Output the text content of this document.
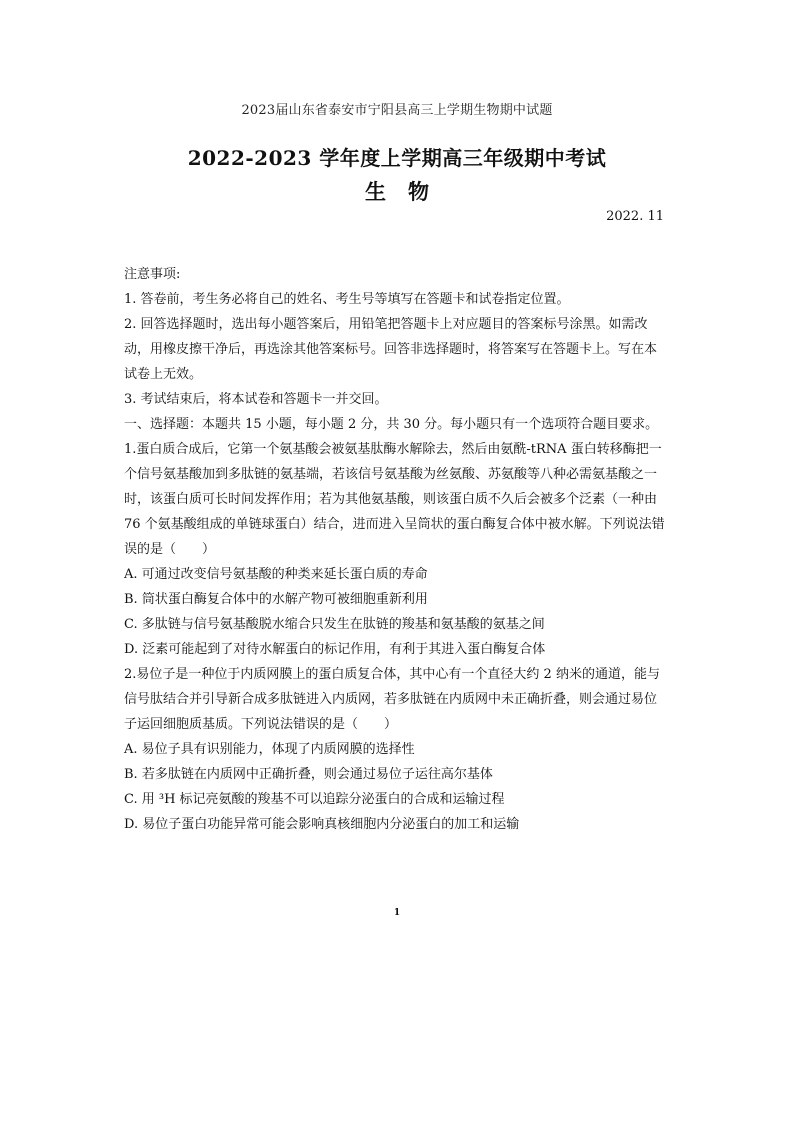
2023届山东省泰安市宁阳县高三上学期生物期中试题
2022-2023 学年度上学期高三年级期中考试
生物
2022. 11

注意事项:

1. 答卷前，考生务必将自己的姓名、考生号等填写在答题卡和试卷指定位置。

2. 回答选择题时，选出每小题答案后，用铅笔把答题卡上对应题目的答案标号涂黑。如需改动，用橡皮擦干净后，再选涂其他答案标号。回答非选择题时，将答案写在答题卡上。写在本试卷上无效。

3. 考试结束后，将本试卷和答题卡一并交回。

一、选择题：本题共 15 小题，每小题 2 分，共 30 分。每小题只有一个选项符合题目要求。

1.蛋白质合成后，它第一个氨基酸会被氨基肽酶水解除去，然后由氨酰-tRNA 蛋白转移酶把一个信号氨基酸加到多肽链的氨基端，若该信号氨基酸为丝氨酸、苏氨酸等八种必需氨基酸之一时，该蛋白质可长时间发挥作用；若为其他氨基酸，则该蛋白质不久后会被多个泛素（一种由 76 个氨基酸组成的单链球蛋白）结合，进而进入呈筒状的蛋白酶复合体中被水解。下列说法错误的是（　　）

A. 可通过改变信号氨基酸的种类来延长蛋白质的寿命

B. 筒状蛋白酶复合体中的水解产物可被细胞重新利用

C. 多肽链与信号氨基酸脱水缩合只发生在肽链的羧基和氨基酸的氨基之间

D. 泛素可能起到了对待水解蛋白的标记作用，有利于其进入蛋白酶复合体

2.易位子是一种位于内质网膜上的蛋白质复合体，其中心有一个直径大约 2 纳米的通道，能与信号肽结合并引导新合成多肽链进入内质网，若多肽链在内质网中未正确折叠，则会通过易位子运回细胞质基质。下列说法错误的是（　　）

A. 易位子具有识别能力，体现了内质网膜的选择性

B. 若多肽链在内质网中正确折叠，则会通过易位子运往高尔基体

C. 用 ³H 标记亮氨酸的羧基不可以追踪分泌蛋白的合成和运输过程

D. 易位子蛋白功能异常可能会影响真核细胞内分泌蛋白的加工和运输

1
